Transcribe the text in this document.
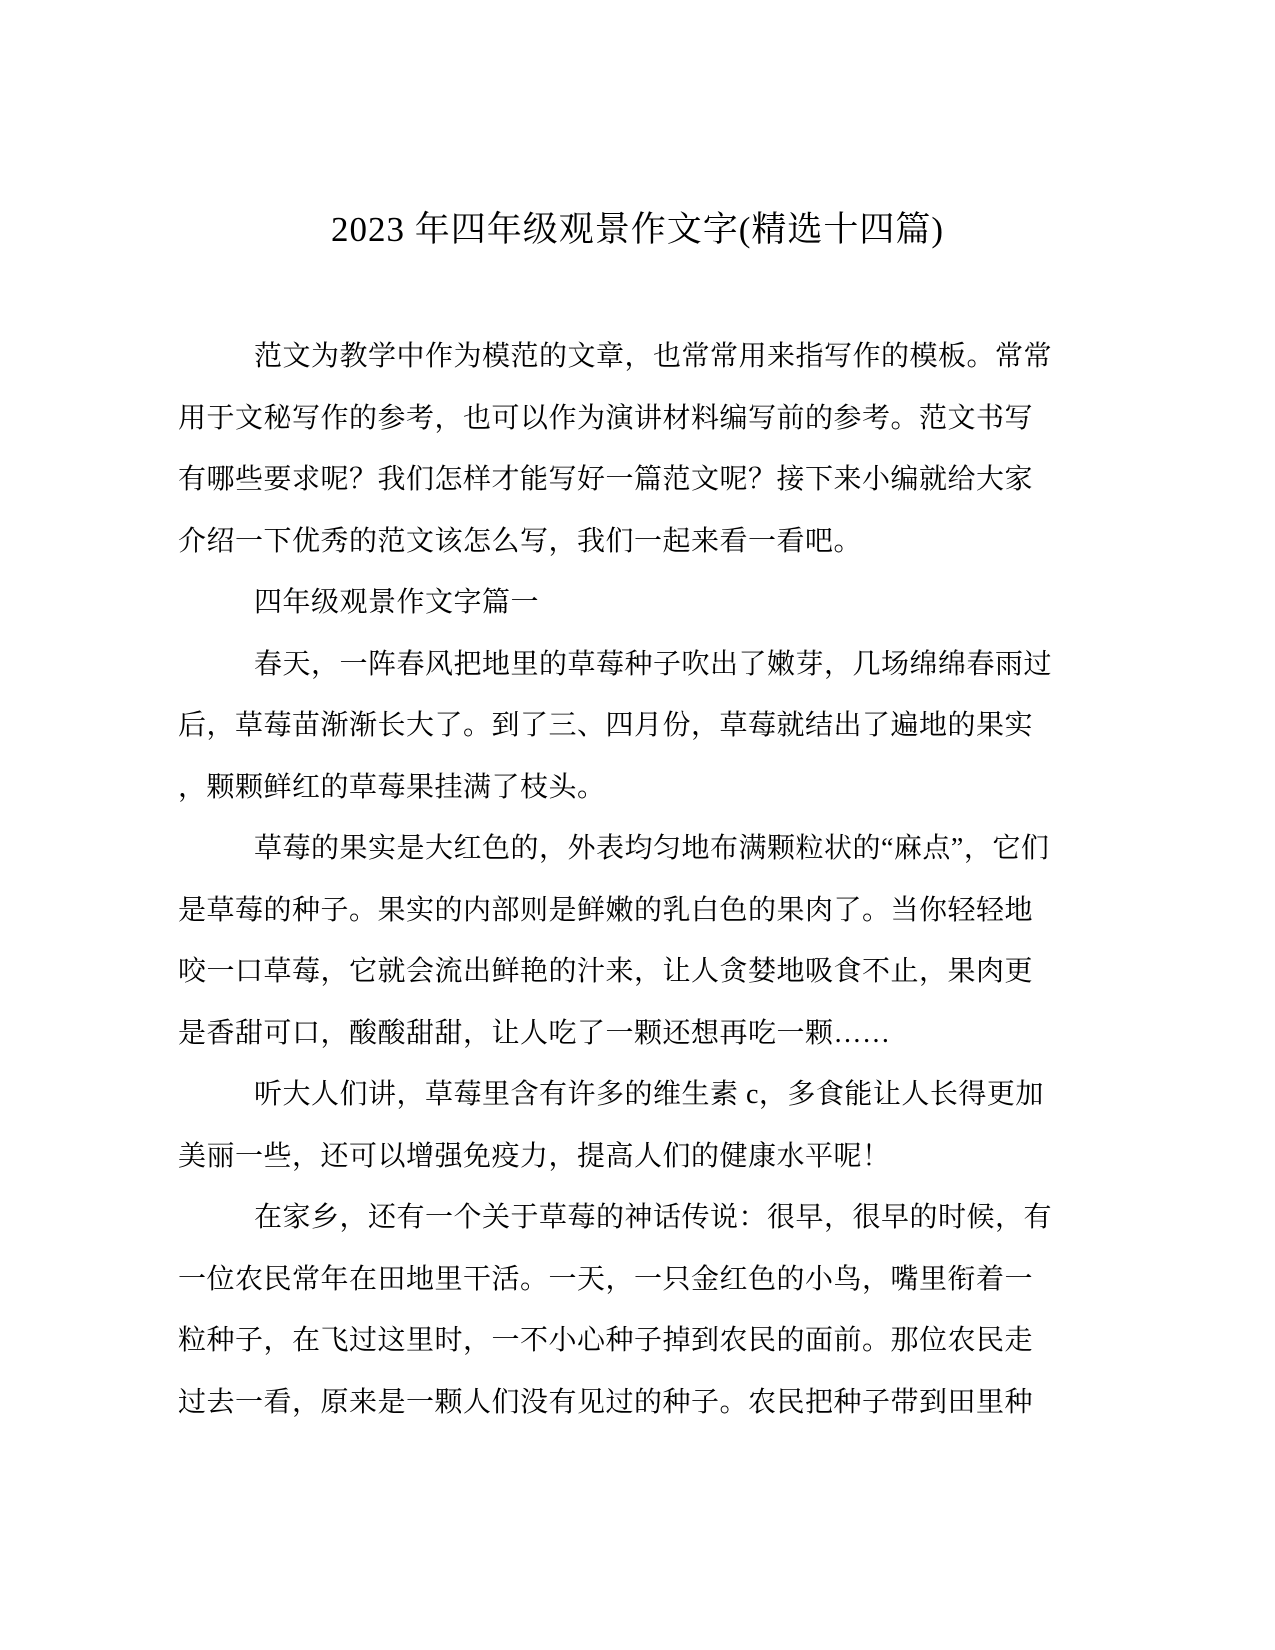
2023 年四年级观景作文字(精选十四篇)
范文为教学中作为模范的文章，也常常用来指写作的模板。常常
用于文秘写作的参考，也可以作为演讲材料编写前的参考。范文书写
有哪些要求呢？我们怎样才能写好一篇范文呢？接下来小编就给大家
介绍一下优秀的范文该怎么写，我们一起来看一看吧。
四年级观景作文字篇一
春天，一阵春风把地里的草莓种子吹出了嫩芽，几场绵绵春雨过
后，草莓苗渐渐长大了。到了三、四月份，草莓就结出了遍地的果实
，颗颗鲜红的草莓果挂满了枝头。
草莓的果实是大红色的，外表均匀地布满颗粒状的“麻点”，它们
是草莓的种子。果实的内部则是鲜嫩的乳白色的果肉了。当你轻轻地
咬一口草莓，它就会流出鲜艳的汁来，让人贪婪地吸食不止，果肉更
是香甜可口，酸酸甜甜，让人吃了一颗还想再吃一颗……
听大人们讲，草莓里含有许多的维生素 c，多食能让人长得更加
美丽一些，还可以增强免疫力，提高人们的健康水平呢！
在家乡，还有一个关于草莓的神话传说：很早，很早的时候，有
一位农民常年在田地里干活。一天，一只金红色的小鸟，嘴里衔着一
粒种子，在飞过这里时，一不小心种子掉到农民的面前。那位农民走
过去一看，原来是一颗人们没有见过的种子。农民把种子带到田里种
